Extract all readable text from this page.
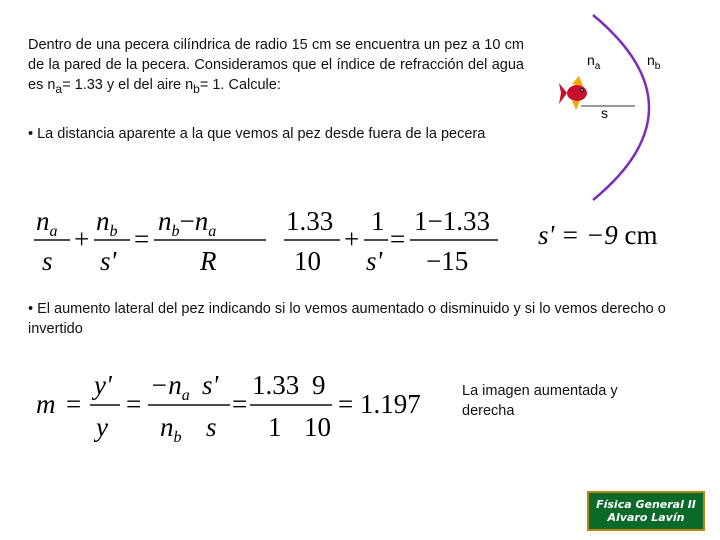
Dentro de una pecera cilíndrica de radio 15 cm se encuentra un pez a 10 cm de la pared de la pecera. Consideramos que el índice de refracción del agua es $n_a= 1.33$ y el del aire $n_b= 1$. Calcule:

$n_a$	$n_b$
s

• La distancia aparente a la que vemos al pez desde fuera de la pecera

$n_a$
s
+
$n_b$
s'
=
$n_b-n_a$
R
1.33
10
+
1
s'
=
1−1.33
−15
s' = −9 cm

• El aumento lateral del pez indicando si lo vemos aumentado o disminuido y si lo vemos derecho o invertido

m =
y'
y
=
$-n_a$
$n_b$
s'
s
=
1.33 9
1 10
= 1.197	La imagen aumentada y derecha

Física General II
Alvaro Lavín
